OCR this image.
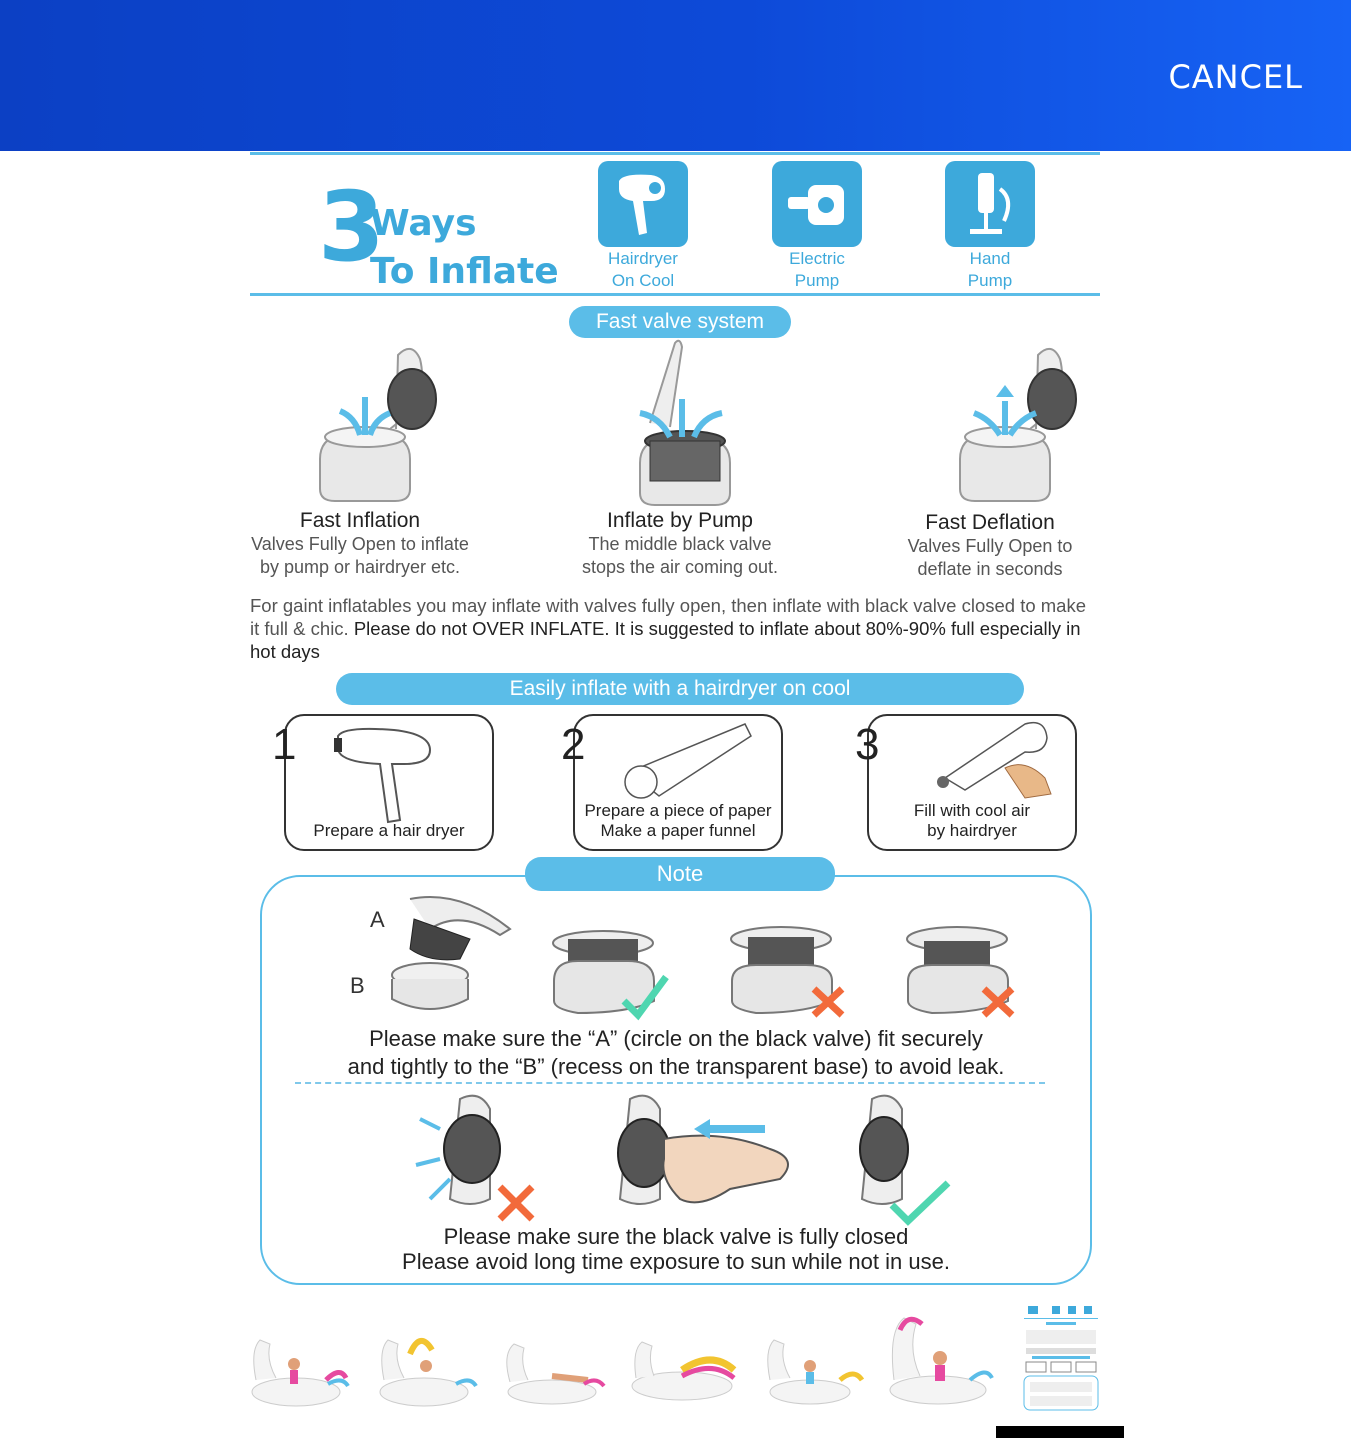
CANCEL
3
Ways
To Inflate	Hairdryer
On Cool
Electric
Pump
Hand
Pump
Fast valve system
Fast Inflation
Valves Fully Open to inflate
by pump or hairdryer etc.
Inflate by Pump
The middle black valve
stops the air coming out.
Fast Deflation
Valves Fully Open to
deflate in seconds
For gaint inflatables you may inflate with valves fully open, then inflate with black valve closed to make it full & chic. Please do not OVER INFLATE. It is suggested to inflate about 80%-90% full especially in hot days
Easily inflate with a hairdryer on cool
1
Prepare a hair dryer
2
Prepare a piece of paper
Make a paper funnel
3
Fill with cool air
by hairdryer
Note
A
B
Please make sure the “A” (circle on the black valve) fit securely
and tightly to the “B” (recess on the transparent base) to avoid leak.
Please make sure the black valve is fully closed
Please avoid long time exposure to sun while not in use.
